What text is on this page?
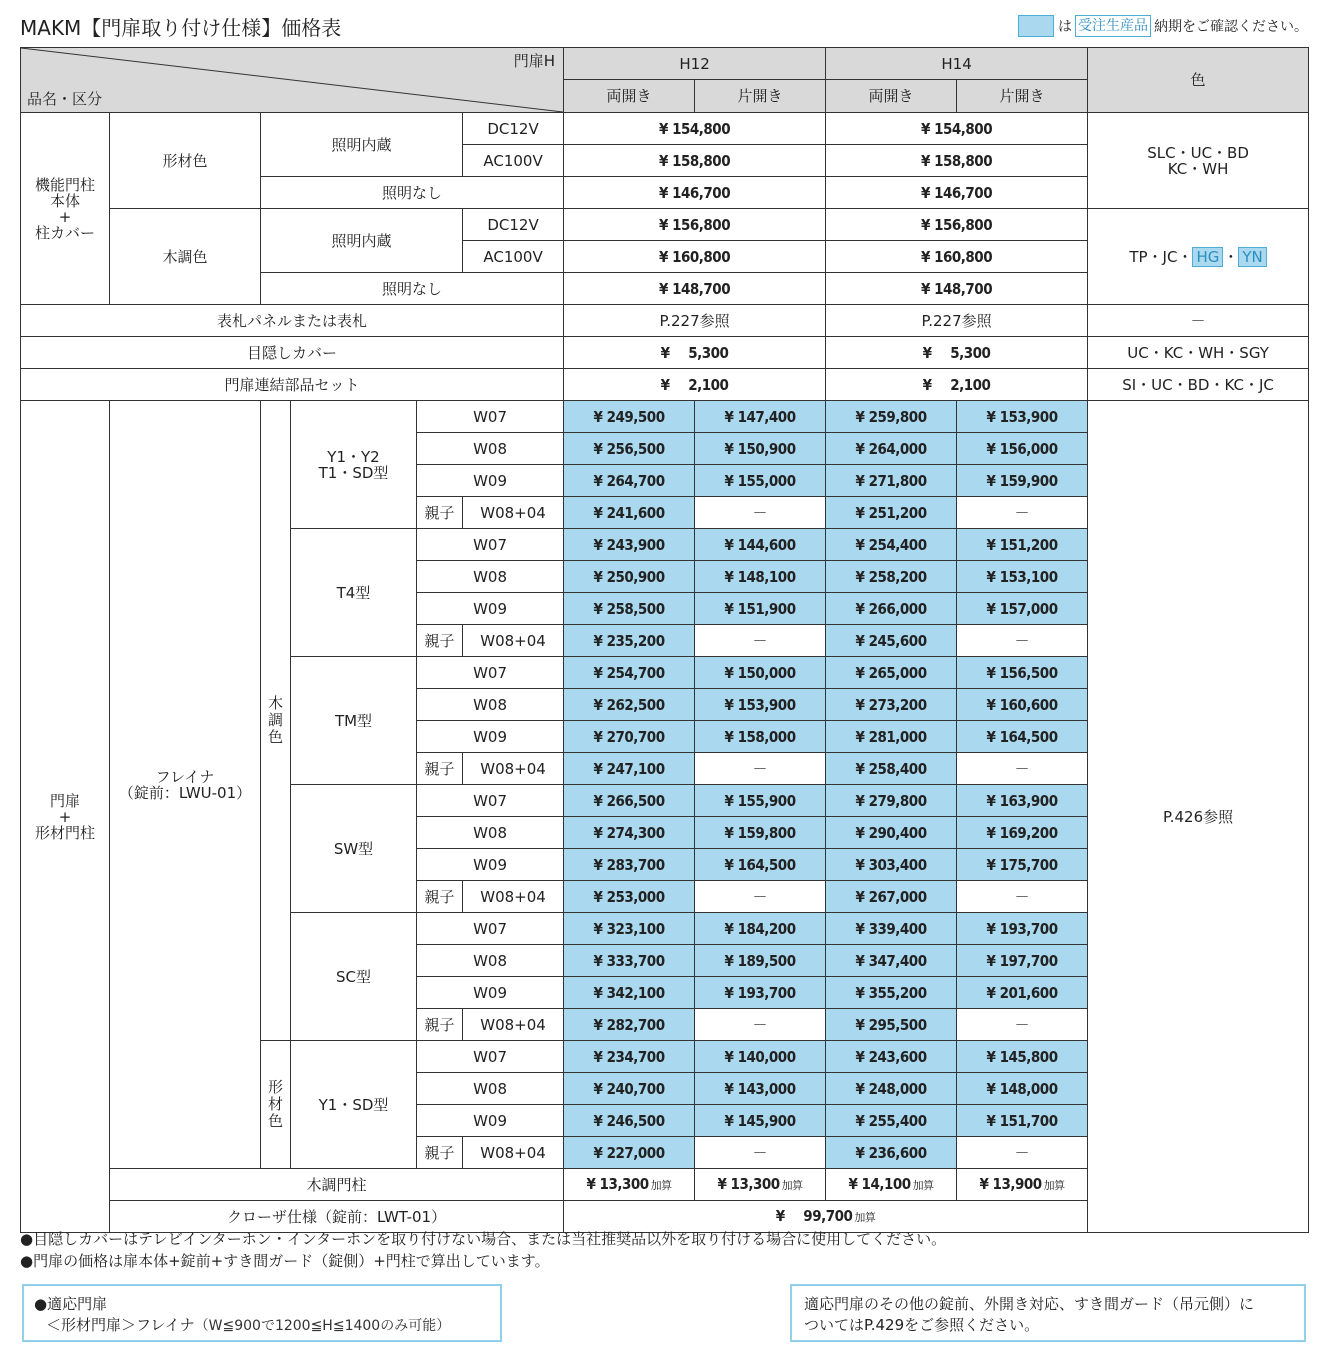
MAKM【門扉取り付け仕様】価格表	は 受注生産品 納期をご確認ください。
門扉H
品名・区分						H12		H14		色
						両開き	片開き	両開き	片開き	
機能門柱
本体
+
柱カバー	形材色	照明内蔵			DC12V	¥ 154,800		¥ 154,800		SLC・UC・BD
KC・WH
					AC100V	¥ 158,800		¥ 158,800		
		照明なし				¥ 146,700		¥ 146,700		
	木調色	照明内蔵			DC12V	¥ 156,800		¥ 156,800		TP・JC・ HG ・ YN
					AC100V	¥ 160,800		¥ 160,800		
		照明なし				¥ 148,700		¥ 148,700		
表札パネルまたは表札						P.227参照		P.227参照		－
目隠しカバー						¥　 5,300		¥　 5,300		UC・KC・WH・SGY
門扉連結部品セット						¥　 2,100		¥　 2,100		SI・UC・BD・KC・JC
門扉
+
形材門柱	フレイナ
（錠前：LWU-01）	木
調
色	Y1・Y2
T1・SD型	W07		¥ 249,500	¥ 147,400	¥ 259,800	¥ 153,900	P.426参照
				W08		¥ 256,500	¥ 150,900	¥ 264,000	¥ 156,000	
				W09		¥ 264,700	¥ 155,000	¥ 271,800	¥ 159,900	
				親子	W08+04	¥ 241,600	－	¥ 251,200	－	
			T4型	W07		¥ 243,900	¥ 144,600	¥ 254,400	¥ 151,200	
				W08		¥ 250,900	¥ 148,100	¥ 258,200	¥ 153,100	
				W09		¥ 258,500	¥ 151,900	¥ 266,000	¥ 157,000	
				親子	W08+04	¥ 235,200	－	¥ 245,600	－	
			TM型	W07		¥ 254,700	¥ 150,000	¥ 265,000	¥ 156,500	
				W08		¥ 262,500	¥ 153,900	¥ 273,200	¥ 160,600	
				W09		¥ 270,700	¥ 158,000	¥ 281,000	¥ 164,500	
				親子	W08+04	¥ 247,100	－	¥ 258,400	－	
			SW型	W07		¥ 266,500	¥ 155,900	¥ 279,800	¥ 163,900	
				W08		¥ 274,300	¥ 159,800	¥ 290,400	¥ 169,200	
				W09		¥ 283,700	¥ 164,500	¥ 303,400	¥ 175,700	
				親子	W08+04	¥ 253,000	－	¥ 267,000	－	
			SC型	W07		¥ 323,100	¥ 184,200	¥ 339,400	¥ 193,700	
				W08		¥ 333,700	¥ 189,500	¥ 347,400	¥ 197,700	
				W09		¥ 342,100	¥ 193,700	¥ 355,200	¥ 201,600	
				親子	W08+04	¥ 282,700	－	¥ 295,500	－	
		形
材
色	Y1・SD型	W07		¥ 234,700	¥ 140,000	¥ 243,600	¥ 145,800	
				W08		¥ 240,700	¥ 143,000	¥ 248,000	¥ 148,000	
				W09		¥ 246,500	¥ 145,900	¥ 255,400	¥ 151,700	
				親子	W08+04	¥ 227,000	－	¥ 236,600	－	
	木調門柱					¥ 13,300 加算	¥ 13,300 加算	¥ 14,100 加算	¥ 13,900 加算	
	クローザ仕様（錠前：LWT-01）					¥　 99,700 加算				
●目隠しカバーはテレビインターホン・インターホンを取り付けない場合、または当社推奨品以外を取り付ける場合に使用してください。
●門扉の価格は扉本体+錠前+すき間ガード（錠側）+門柱で算出しています。
●適応門扉
＜形材門扉＞フレイナ（W≦900で1200≦H≦1400のみ可能）
適応門扉のその他の錠前、外開き対応、すき間ガード（吊元側）に
ついてはP.429をご参照ください。
